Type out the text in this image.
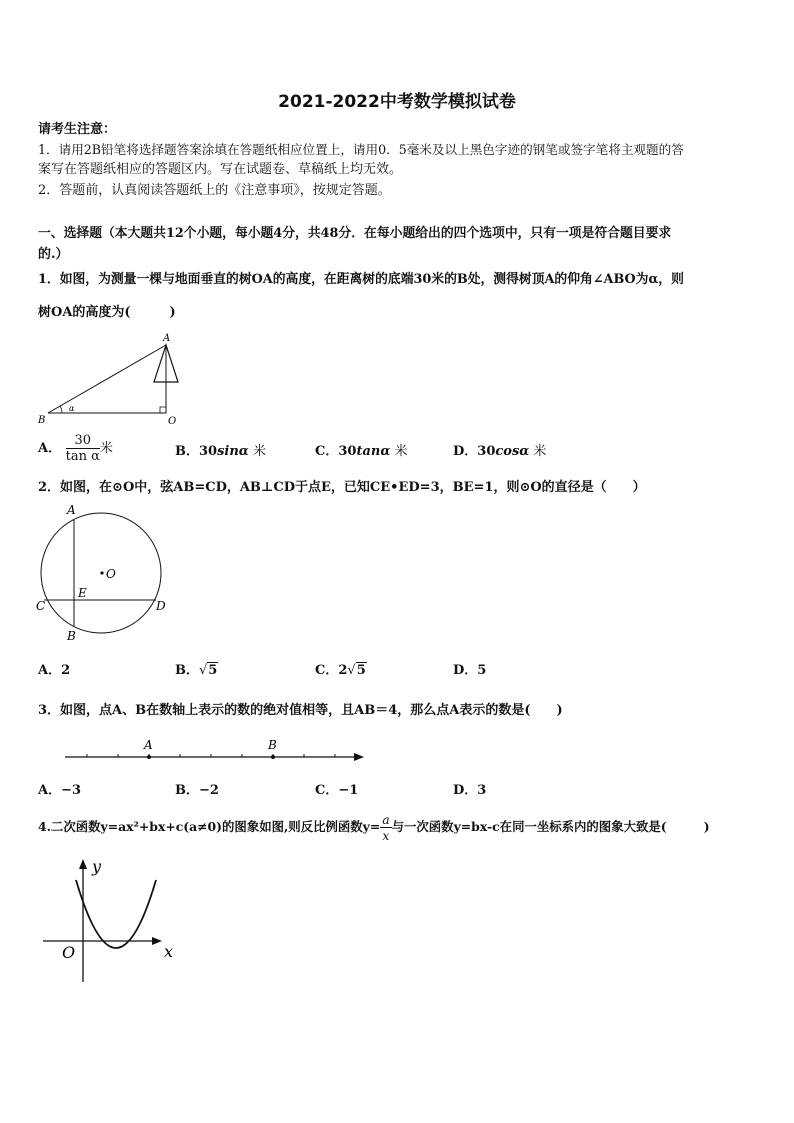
2021-2022中考数学模拟试卷
请考生注意：
1．请用2B铅笔将选择题答案涂填在答题纸相应位置上，请用0．5毫米及以上黑色字迹的钢笔或签字笔将主观题的答
案写在答题纸相应的答题区内。写在试题卷、草稿纸上均无效。
2．答题前，认真阅读答题纸上的《注意事项》，按规定答题。
一、选择题（本大题共12个小题，每小题4分，共48分．在每小题给出的四个选项中，只有一项是符合题目要求
的.）
1．如图，为测量一棵与地面垂直的树OA的高度，在距离树的底端30米的B处，测得树顶A的仰角∠ABO为α，则
树OA的高度为(　　　)
A
B	O
α
A． $\frac{30}{\text{tan α}}$ 米	B．30sinα 米	C．30tanα 米	D．30cosα 米
2．如图，在⊙O中，弦AB=CD，AB⊥CD于点E，已知CE•ED=3，BE=1，则⊙O的直径是（　　）
A
B
C	D
E
O
A．2	B．√5	C．2√5	D．5
3．如图，点A、B在数轴上表示的数的绝对值相等，且AB＝4，那么点A表示的数是(　　)
A	B
A．−3	B．−2	C．−1	D．3
4.二次函数y=ax²+bx+c(a≠0)的图象如图,则反比例函数$y= \frac{a}{x}$ 与一次函数y=bx-c在同一坐标系内的图象大致是(　　　)
y
x
O
